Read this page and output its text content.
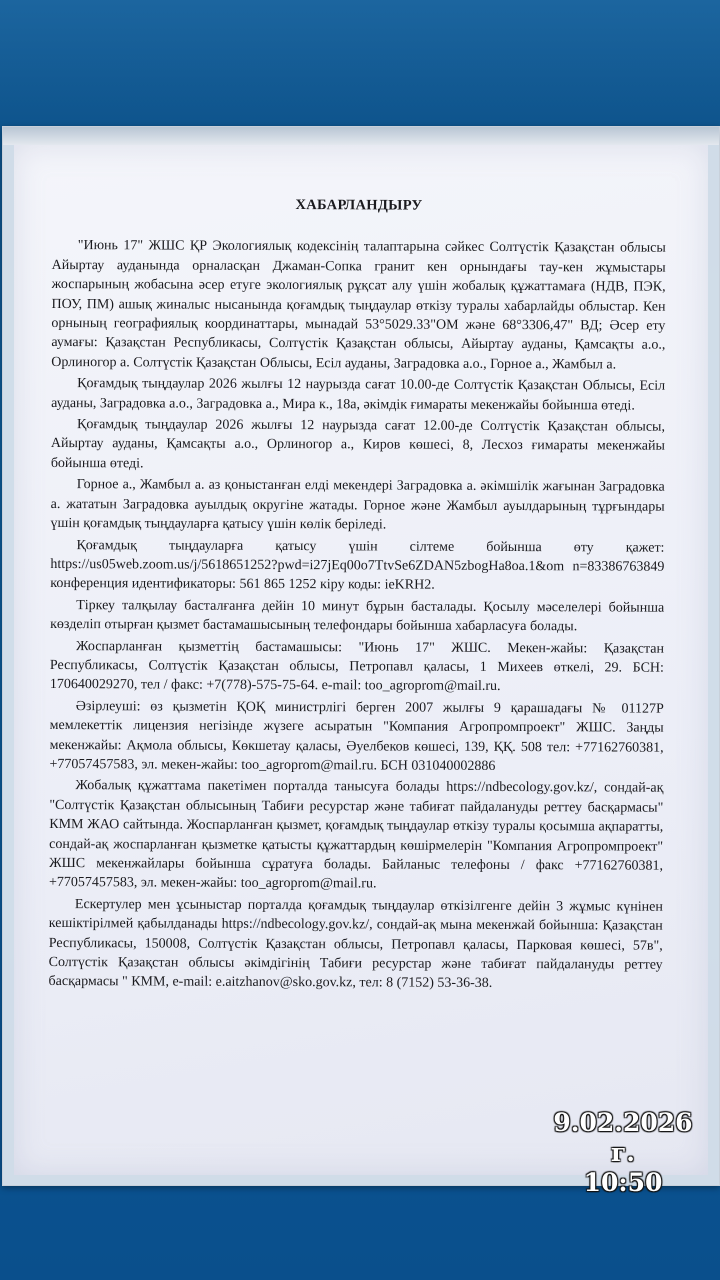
ХАБАРЛАНДЫРУ

"Июнь 17" ЖШС ҚР Экологиялық кодексінің талаптарына сәйкес Солтүстік Қазақстан облысы Айыртау ауданында орналасқан Джаман-Сопка гранит кен орнындағы тау-кен жұмыстары жоспарының жобасына әсер етуге экологиялық рұқсат алу үшін жобалық құжаттамаға (НДВ, ПЭК, ПОУ, ПМ) ашық жиналыс нысанында қоғамдық тыңдаулар өткізу туралы хабарлайды облыстар. Кен орнының географиялық координаттары, мынадай 53°5029.33"ОМ және 68°3306,47" ВД; Әсер ету аумағы: Қазақстан Республикасы, Солтүстік Қазақстан облысы, Айыртау ауданы, Қамсақты а.о., Орлиногор а. Солтүстік Қазақстан Облысы, Есіл ауданы, Заградовка а.о., Горное а., Жамбыл а.

Қоғамдық тыңдаулар 2026 жылғы 12 наурызда сағат 10.00-де Солтүстік Қазақстан Облысы, Есіл ауданы, Заградовка а.о., Заградовка а., Мира к., 18а, әкімдік ғимараты мекенжайы бойынша өтеді.

Қоғамдық тыңдаулар 2026 жылғы 12 наурызда сағат 12.00-де Солтүстік Қазақстан облысы, Айыртау ауданы, Қамсақты а.о., Орлиногор а., Киров көшесі, 8, Лесхоз ғимараты мекенжайы бойынша өтеді.

Горное а., Жамбыл а. аз қоныстанған елді мекендері Заградовка а. әкімшілік жағынан Заградовка а. жататын Заградовка ауылдық округіне жатады. Горное және Жамбыл ауылдарының тұрғындары үшін қоғамдық тыңдауларға қатысу үшін көлік беріледі.

Қоғамдық тыңдауларға қатысу үшін сілтеме бойынша өту қажет: https://us05web.zoom.us/j/5618651252?pwd=i27jEq00o7TtvSe6ZDAN5zbogHa8oa.1&om n=83386763849 конференция идентификаторы: 561 865 1252 кіру коды: ieKRH2.

Тіркеу талқылау басталғанға дейін 10 минут бұрын басталады. Қосылу мәселелері бойынша көзделіп отырған қызмет бастамашысының телефондары бойынша хабарласуға болады.

Жоспарланған қызметтің бастамашысы: "Июнь 17" ЖШС. Мекен-жайы: Қазақстан Республикасы, Солтүстік Қазақстан облысы, Петропавл қаласы, 1 Михеев өткелі, 29. БСН: 170640029270, тел / факс: +7(778)-575-75-64. e-mail: too_agroprom@mail.ru.

Әзірлеуші: өз қызметін ҚОҚ министрлігі берген 2007 жылғы 9 қарашадағы № 01127Р мемлекеттік лицензия негізінде жүзеге асыратын "Компания Агропромпроект" ЖШС. Заңды мекенжайы: Ақмола облысы, Көкшетау қаласы, Әуелбеков көшесі, 139, ҚҚ. 508 тел: +77162760381, +77057457583, эл. мекен-жайы: too_agroprom@mail.ru. БСН 031040002886

Жобалық құжаттама пакетімен порталда танысуға болады https://ndbecology.gov.kz/, сондай-ақ "Солтүстік Қазақстан облысының Табиғи ресурстар және табиғат пайдалануды реттеу басқармасы" КММ ЖАО сайтында. Жоспарланған қызмет, қоғамдық тыңдаулар өткізу туралы қосымша ақпаратты, сондай-ақ жоспарланған қызметке қатысты құжаттардың көшірмелерін "Компания Агропромпроект" ЖШС мекенжайлары бойынша сұратуға болады. Байланыс телефоны / факс +77162760381, +77057457583, эл. мекен-жайы: too_agroprom@mail.ru.

Ескертулер мен ұсыныстар порталда қоғамдық тыңдаулар өткізілгенге дейін 3 жұмыс күнінен кешіктірілмей қабылданады https://ndbecology.gov.kz/, сондай-ақ мына мекенжай бойынша: Қазақстан Республикасы, 150008, Солтүстік Қазақстан облысы, Петропавл қаласы, Парковая көшесі, 57в", Солтүстік Қазақстан облысы әкімдігінің Табиғи ресурстар және табиғат пайдалануды реттеу басқармасы " КММ, e-mail: e.aitzhanov@sko.gov.kz, тел: 8 (7152) 53-36-38.

9.02.2026 г.
10:50
